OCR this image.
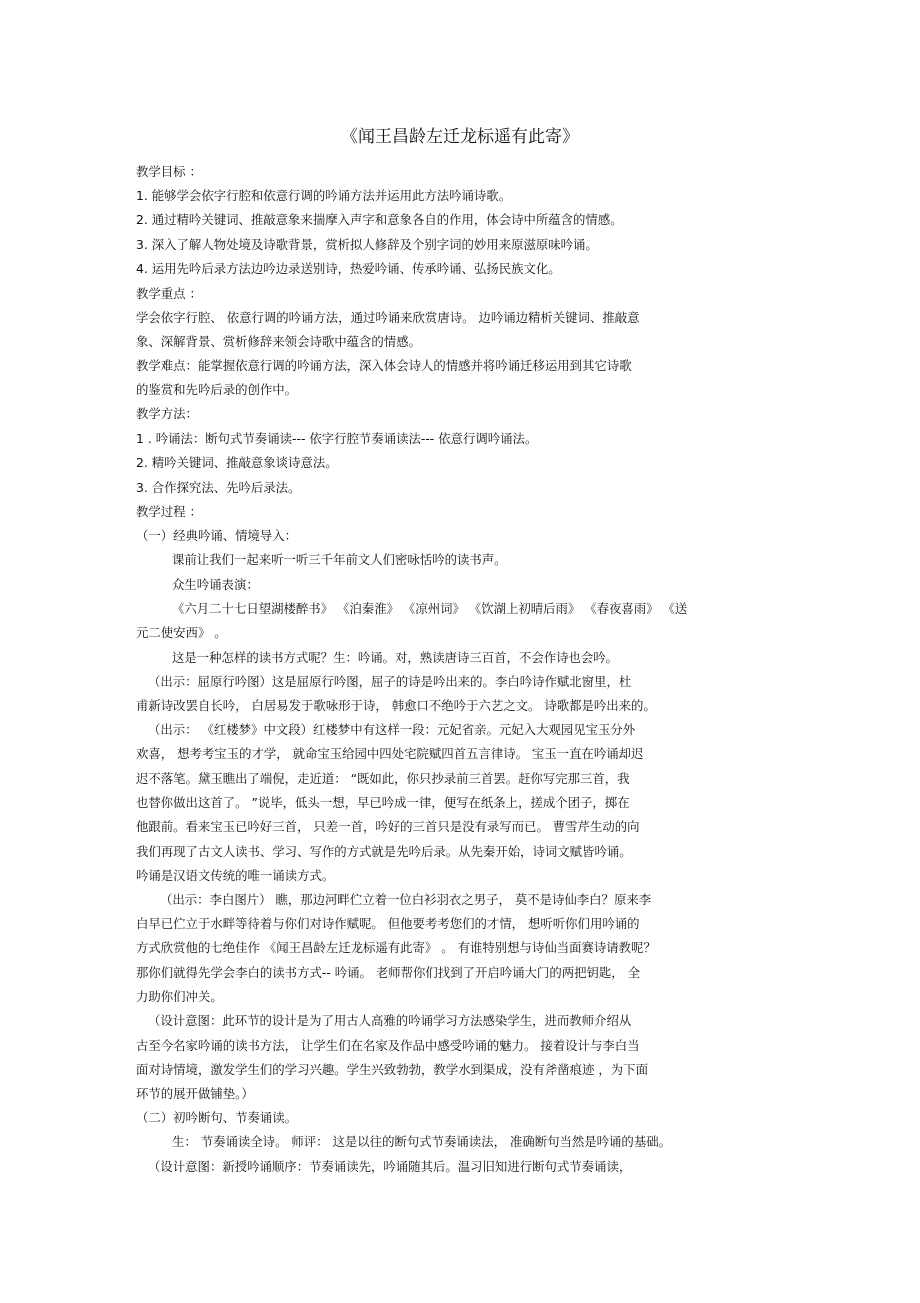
《闻王昌龄左迁龙标遥有此寄》
教学目标 ：
1. 能够学会依字行腔和依意行调的吟诵方法并运用此方法吟诵诗歌。
2. 通过精吟关键词、推敲意象来揣摩入声字和意象各自的作用，体会诗中所蕴含的情感。
3. 深入了解人物处境及诗歌背景，赏析拟人修辞及个别字词的妙用来原滋原味吟诵。
4. 运用先吟后录方法边吟边录送别诗，热爱吟诵、传承吟诵、弘扬民族文化。
教学重点 ：
学会依字行腔、 依意行调的吟诵方法，通过吟诵来欣赏唐诗。 边吟诵边精析关键词、推敲意
象、深解背景、赏析修辞来领会诗歌中蕴含的情感。
教学难点：能掌握依意行调的吟诵方法，深入体会诗人的情感并将吟诵迁移运用到其它诗歌
的鉴赏和先吟后录的创作中。
教学方法：
1 . 吟诵法：断句式节奏诵读--- 依字行腔节奏诵读法--- 依意行调吟诵法。
2. 精吟关键词、推敲意象谈诗意法。
3. 合作探究法、先吟后录法。
教学过程 ：
（一）经典吟诵、情境导入：
课前让我们一起来听一听三千年前文人们密咏恬吟的读书声。
众生吟诵表演：
《六月二十七日望湖楼醉书》 《泊秦淮》 《凉州词》 《饮湖上初晴后雨》 《春夜喜雨》 《送
元二使安西》 。
这是一种怎样的读书方式呢？生：吟诵。对，熟读唐诗三百首，不会作诗也会吟。
（出示：屈原行吟图）这是屈原行吟图，屈子的诗是吟出来的。李白吟诗作赋北窗里，杜
甫新诗改罢自长吟， 白居易发于歌咏形于诗， 韩愈口不绝吟于六艺之文。 诗歌都是吟出来的。
（出示： 《红楼梦》中文段）红楼梦中有这样一段：元妃省亲。元妃入大观园见宝玉分外
欢喜， 想考考宝玉的才学， 就命宝玉给园中四处宅院赋四首五言律诗。 宝玉一直在吟诵却迟
迟不落笔。黛玉瞧出了端倪，走近道： “既如此，你只抄录前三首罢。赶你写完那三首，我
也替你做出这首了。 ”说毕，低头一想，早已吟成一律，便写在纸条上，搓成个团子，掷在
他跟前。看来宝玉已吟好三首， 只差一首，吟好的三首只是没有录写而已。 曹雪芹生动的向
我们再现了古文人读书、学习、写作的方式就是先吟后录。从先秦开始，诗词文赋皆吟诵。
吟诵是汉语文传统的唯一诵读方式。
（出示：李白图片） 瞧，那边河畔伫立着一位白衫羽衣之男子， 莫不是诗仙李白？原来李
白早已伫立于水畔等待着与你们对诗作赋呢。 但他要考考您们的才情， 想听听你们用吟诵的
方式欣赏他的七绝佳作 《闻王昌龄左迁龙标遥有此寄》 。 有谁特别想与诗仙当面赛诗请教呢？
那你们就得先学会李白的读书方式-- 吟诵。 老师帮你们找到了开启吟诵大门的两把钥匙， 全
力助你们冲关。
（设计意图：此环节的设计是为了用古人高雅的吟诵学习方法感染学生，进而教师介绍从
古至今名家吟诵的读书方法， 让学生们在名家及作品中感受吟诵的魅力。 接着设计与李白当
面对诗情境，激发学生们的学习兴趣。学生兴致勃勃，教学水到渠成，没有斧凿痕迹 ，为下面
环节的展开做铺垫。）
（二）初吟断句、节奏诵读。
生： 节奏诵读全诗。 师评： 这是以往的断句式节奏诵读法， 准确断句当然是吟诵的基础。
（设计意图：新授吟诵顺序：节奏诵读先，吟诵随其后。温习旧知进行断句式节奏诵读，
